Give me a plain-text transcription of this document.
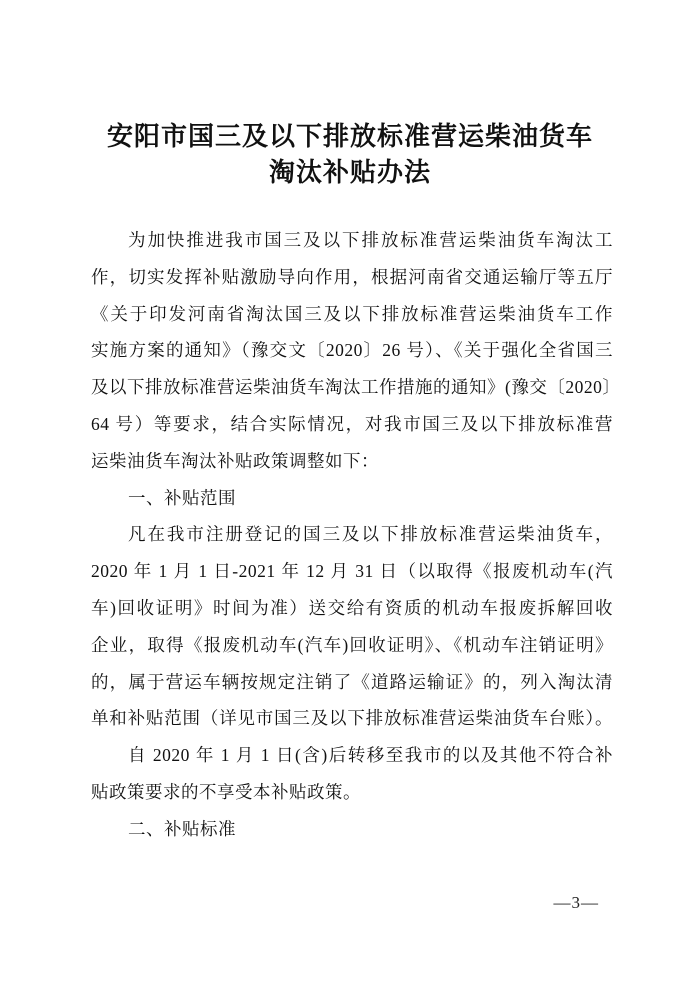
安阳市国三及以下排放标准营运柴油货车
淘汰补贴办法
为加快推进我市国三及以下排放标准营运柴油货车淘汰工
作，切实发挥补贴激励导向作用，根据河南省交通运输厅等五厅
《关于印发河南省淘汰国三及以下排放标准营运柴油货车工作
实施方案的通知》（豫交文〔2020〕26 号）、《关于强化全省国三
及以下排放标准营运柴油货车淘汰工作措施的通知》(豫交〔2020〕
64 号）等要求，结合实际情况，对我市国三及以下排放标准营
运柴油货车淘汰补贴政策调整如下：
一、补贴范围
凡在我市注册登记的国三及以下排放标准营运柴油货车，
2020 年 1 月 1 日-2021 年 12 月 31 日（以取得《报废机动车(汽
车)回收证明》时间为准）送交给有资质的机动车报废拆解回收
企业，取得《报废机动车(汽车)回收证明》、《机动车注销证明》
的，属于营运车辆按规定注销了《道路运输证》的，列入淘汰清
单和补贴范围（详见市国三及以下排放标准营运柴油货车台账）。
自 2020 年 1 月 1 日(含)后转移至我市的以及其他不符合补
贴政策要求的不享受本补贴政策。
二、补贴标准
—3—
